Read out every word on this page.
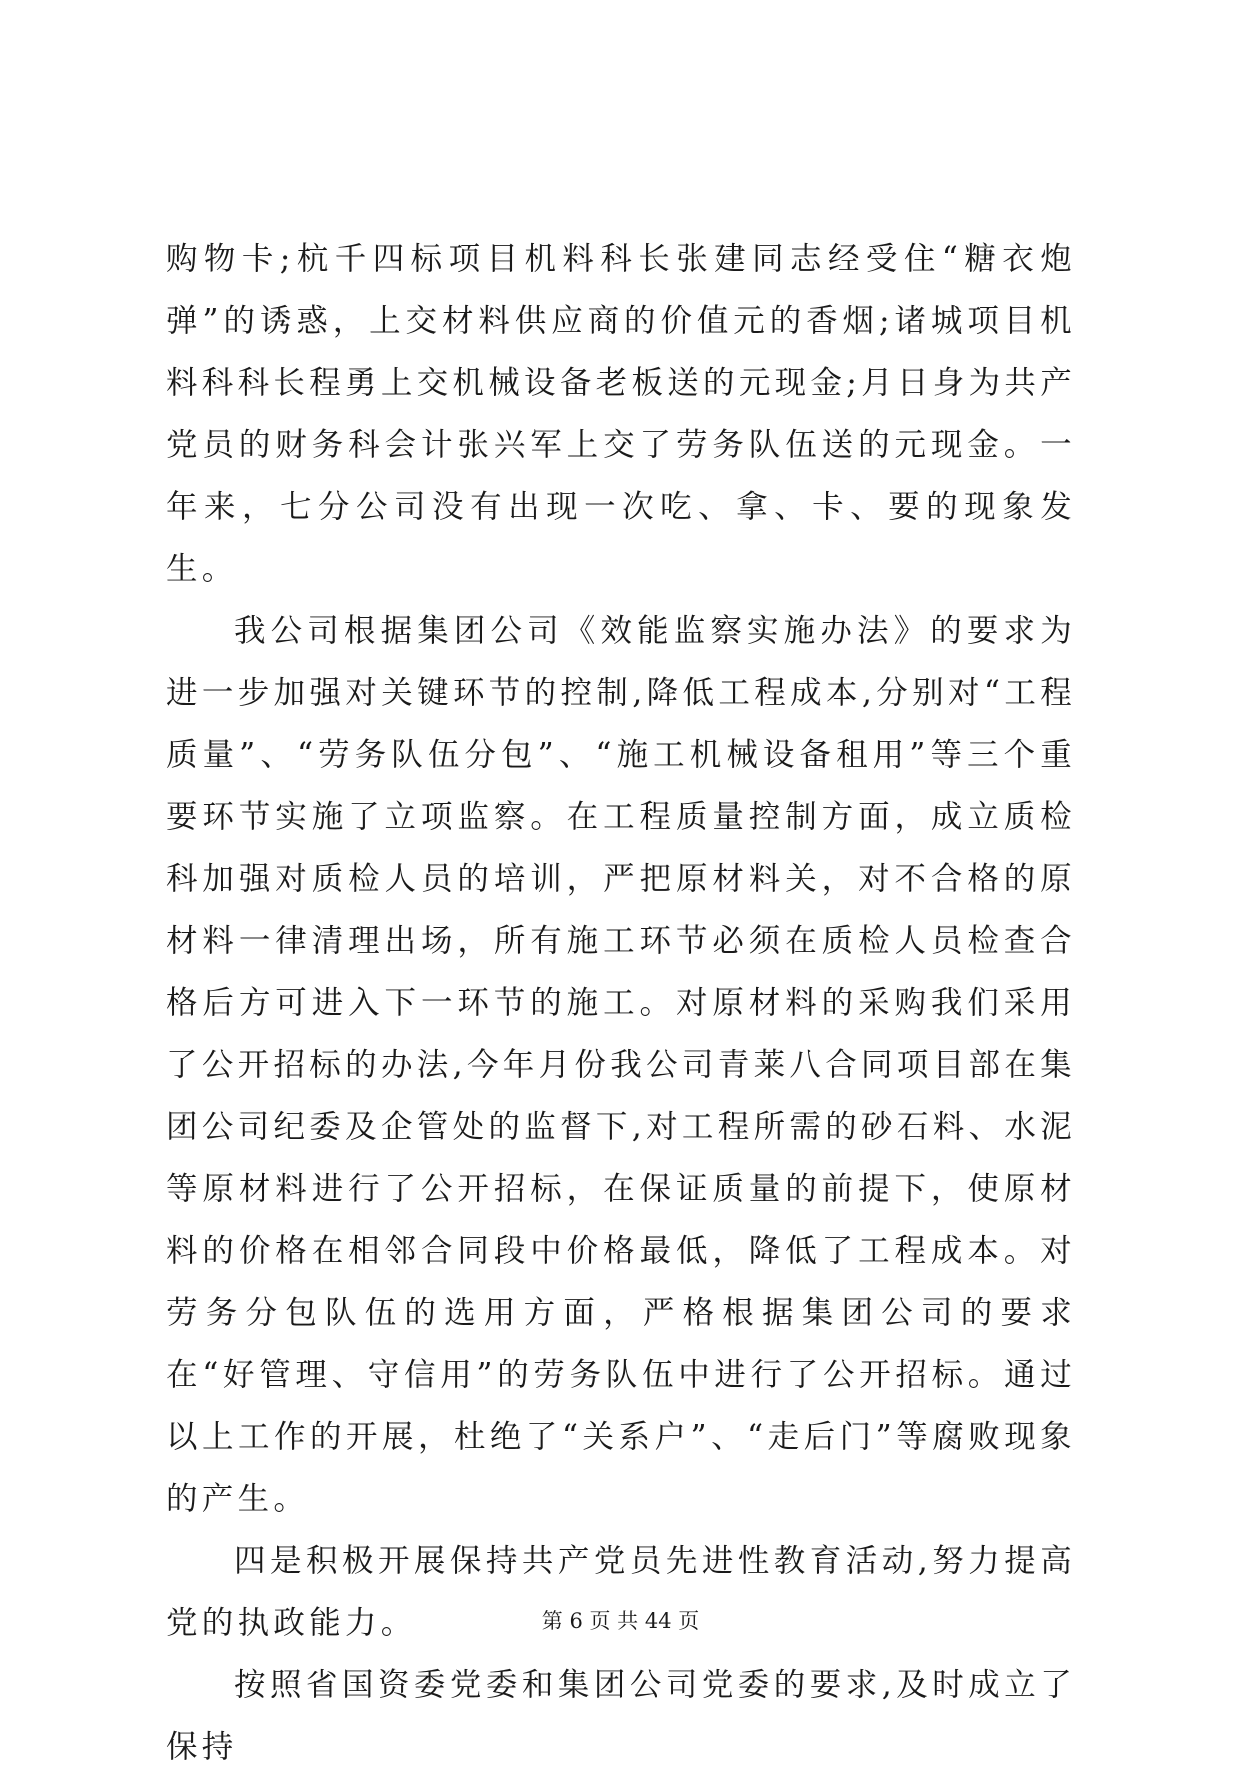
购物卡;杭千四标项目机料科长张建同志经受住“糖衣炮弹”的诱惑，上交材料供应商的价值元的香烟;诸城项目机料科科长程勇上交机械设备老板送的元现金;月日身为共产党员的财务科会计张兴军上交了劳务队伍送的元现金。一年来，七分公司没有出现一次吃、拿、卡、要的现象发生。

我公司根据集团公司《效能监察实施办法》的要求为进一步加强对关键环节的控制,降低工程成本,分别对“工程质量”、“劳务队伍分包”、“施工机械设备租用”等三个重要环节实施了立项监察。在工程质量控制方面，成立质检科加强对质检人员的培训，严把原材料关，对不合格的原材料一律清理出场，所有施工环节必须在质检人员检查合格后方可进入下一环节的施工。对原材料的采购我们采用了公开招标的办法,今年月份我公司青莱八合同项目部在集团公司纪委及企管处的监督下,对工程所需的砂石料、水泥等原材料进行了公开招标，在保证质量的前提下，使原材料的价格在相邻合同段中价格最低，降低了工程成本。对劳务分包队伍的选用方面，严格根据集团公司的要求在“好管理、守信用”的劳务队伍中进行了公开招标。通过以上工作的开展，杜绝了“关系户”、“走后门”等腐败现象的产生。

四是积极开展保持共产党员先进性教育活动,努力提高党的执政能力。

按照省国资委党委和集团公司党委的要求,及时成立了保持

第 6 页 共 44 页
